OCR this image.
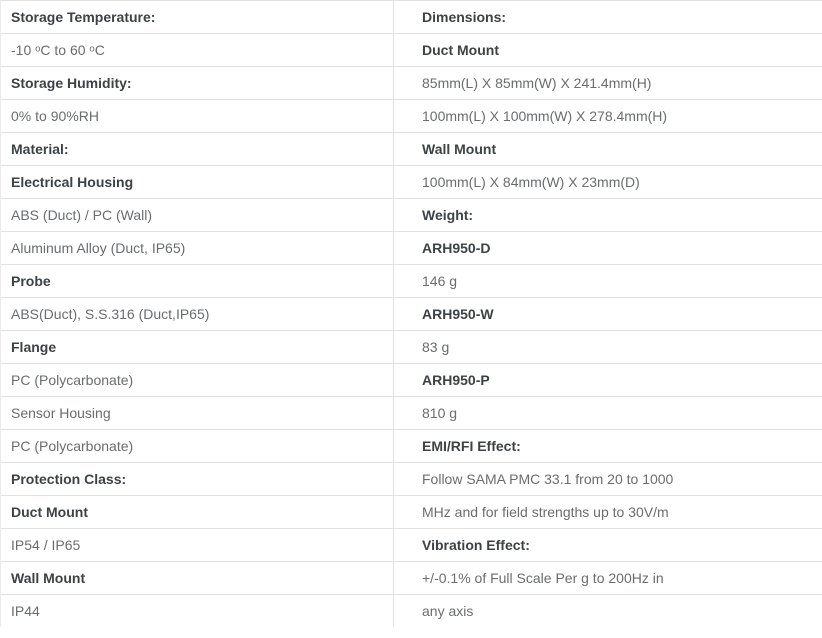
Storage Temperature:	Dimensions:
-10 ᵒC to 60 ᵒC	Duct Mount
Storage Humidity:	85mm(L) X 85mm(W) X 241.4mm(H)
0% to 90%RH	100mm(L) X 100mm(W) X 278.4mm(H)
Material:	Wall Mount
Electrical Housing	100mm(L) X 84mm(W) X 23mm(D)
ABS (Duct) / PC (Wall)	Weight:
Aluminum Alloy (Duct, IP65)	ARH950-D
Probe	146 g
ABS(Duct), S.S.316 (Duct,IP65)	ARH950-W
Flange	83 g
PC (Polycarbonate)	ARH950-P
Sensor Housing	810 g
PC (Polycarbonate)	EMI/RFI Effect:
Protection Class:	Follow SAMA PMC 33.1 from 20 to 1000
Duct Mount	MHz and for field strengths up to 30V/m
IP54 / IP65	Vibration Effect:
Wall Mount	+/-0.1% of Full Scale Per g to 200Hz in
IP44	any axis
